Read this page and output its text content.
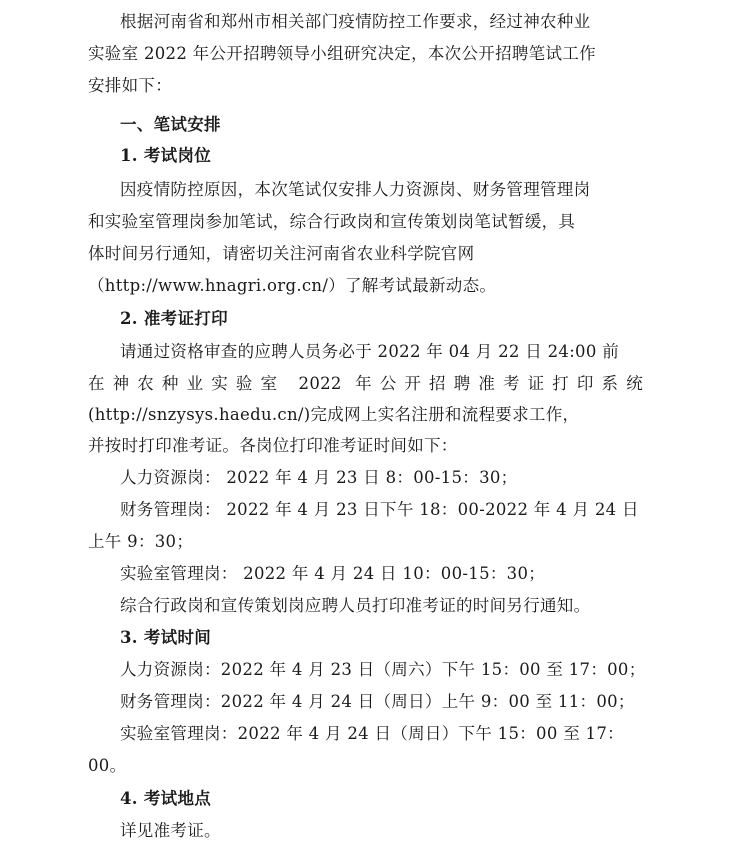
根据河南省和郑州市相关部门疫情防控工作要求，经过神农种业
实验室 2022 年公开招聘领导小组研究决定，本次公开招聘笔试工作
安排如下：
一、笔试安排
1. 考试岗位
因疫情防控原因，本次笔试仅安排人力资源岗、财务管理管理岗
和实验室管理岗参加笔试，综合行政岗和宣传策划岗笔试暂缓，具
体时间另行通知，请密切关注河南省农业科学院官网
（http://www.hnagri.org.cn/）了解考试最新动态。
2. 准考证打印
请通过资格审查的应聘人员务必于 2022 年 04 月 22 日 24:00 前
在神农种业实验室 2022 年公开招聘准考证打印系统
(http://snzysys.haedu.cn/)完成网上实名注册和流程要求工作，
并按时打印准考证。各岗位打印准考证时间如下：
人力资源岗： 2022 年 4 月 23 日 8：00-15：30；
财务管理岗： 2022 年 4 月 23 日下午 18：00-2022 年 4 月 24 日
上午 9：30；
实验室管理岗： 2022 年 4 月 24 日 10：00-15：30；
综合行政岗和宣传策划岗应聘人员打印准考证的时间另行通知。
3. 考试时间
人力资源岗：2022 年 4 月 23 日（周六）下午 15：00 至 17：00；
财务管理岗：2022 年 4 月 24 日（周日）上午 9：00 至 11：00；
实验室管理岗：2022 年 4 月 24 日（周日）下午 15：00 至 17：
00。
4. 考试地点
详见准考证。
